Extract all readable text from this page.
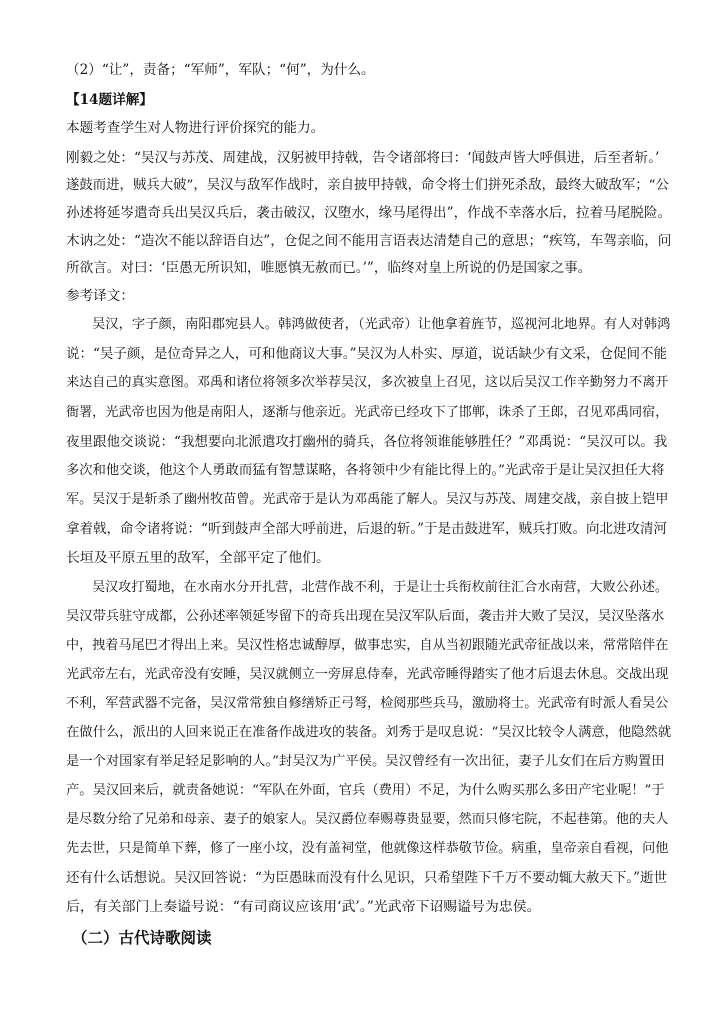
（2）“让”，责备；“军师”，军队；“何”，为什么。
【14题详解】
本题考查学生对人物进行评价探究的能力。
刚毅之处：“吴汉与苏茂、周建战，汉躬被甲持戟，告令诸部将曰：‘闻鼓声皆大呼俱进，后至者斩。’
遂鼓而进，贼兵大破”，吴汉与敌军作战时，亲自披甲持戟，命令将士们拼死杀敌，最终大破敌军；“公
孙述将延岑遣奇兵出吴汉兵后，袭击破汉，汉堕水，缘马尾得出”，作战不幸落水后，拉着马尾脱险。
木讷之处：“造次不能以辞语自达”，仓促之间不能用言语表达清楚自己的意思；“疾笃，车驾亲临，问
所欲言。对曰：‘臣愚无所识知，唯愿慎无赦而已。’”，临终对皇上所说的仍是国家之事。
参考译文：
吴汉，字子颜，南阳郡宛县人。韩鸿做使者，（光武帝）让他拿着旌节，巡视河北地界。有人对韩鸿
说：“吴子颜，是位奇异之人，可和他商议大事。”吴汉为人朴实、厚道，说话缺少有文采，仓促间不能
来达自己的真实意图。邓禹和诸位将领多次举荐吴汉，多次被皇上召见，这以后吴汉工作辛勤努力不离开
衙署，光武帝也因为他是南阳人，逐渐与他亲近。光武帝已经攻下了邯郸，诛杀了王郎，召见邓禹同宿，
夜里跟他交谈说：“我想要向北派遣攻打幽州的骑兵，各位将领谁能够胜任？”邓禹说：“吴汉可以。我
多次和他交谈，他这个人勇敢而猛有智慧谋略，各将领中少有能比得上的。”光武帝于是让吴汉担任大将
军。吴汉于是斩杀了幽州牧苗曾。光武帝于是认为邓禹能了解人。吴汉与苏茂、周建交战，亲自披上铠甲
拿着戟，命令诸将说：“听到鼓声全部大呼前进，后退的斩。”于是击鼓进军，贼兵打败。向北进攻清河
长垣及平原五里的敌军，全部平定了他们。
吴汉攻打蜀地，在水南水分开扎营，北营作战不利，于是让士兵衔枚前往汇合水南营，大败公孙述。
吴汉带兵驻守成都，公孙述率领延岑留下的奇兵出现在吴汉军队后面，袭击并大败了吴汉，吴汉坠落水
中，拽着马尾巴才得出上来。吴汉性格忠诚醇厚，做事忠实，自从当初跟随光武帝征战以来，常常陪伴在
光武帝左右，光武帝没有安睡，吴汉就侧立一旁屏息侍奉，光武帝睡得踏实了他才后退去休息。交战出现
不利，军营武器不完备，吴汉常常独自修缮矫正弓弩，检阅那些兵马，激励将士。光武帝有时派人看吴公
在做什么，派出的人回来说正在准备作战进攻的装备。刘秀于是叹息说：“吴汉比较令人满意，他隐然就
是一个对国家有举足轻足影响的人。”封吴汉为广平侯。吴汉曾经有一次出征，妻子儿女们在后方购置田
产。吴汉回来后，就责备她说：“军队在外面，官兵（费用）不足，为什么购买那么多田产宅业呢！”于
是尽数分给了兄弟和母亲、妻子的娘家人。吴汉爵位奉赐尊贵显要，然而只修宅院，不起巷第。他的夫人
先去世，只是简单下葬，修了一座小坟，没有盖祠堂，他就像这样恭敬节俭。病重，皇帝亲自看视，问他
还有什么话想说。吴汉回答说：“为臣愚昧而没有什么见识，只希望陛下千万不要动辄大赦天下。”逝世
后，有关部门上奏谥号说：“有司商议应该用‘武’。”光武帝下诏赐谥号为忠侯。
（二）古代诗歌阅读
